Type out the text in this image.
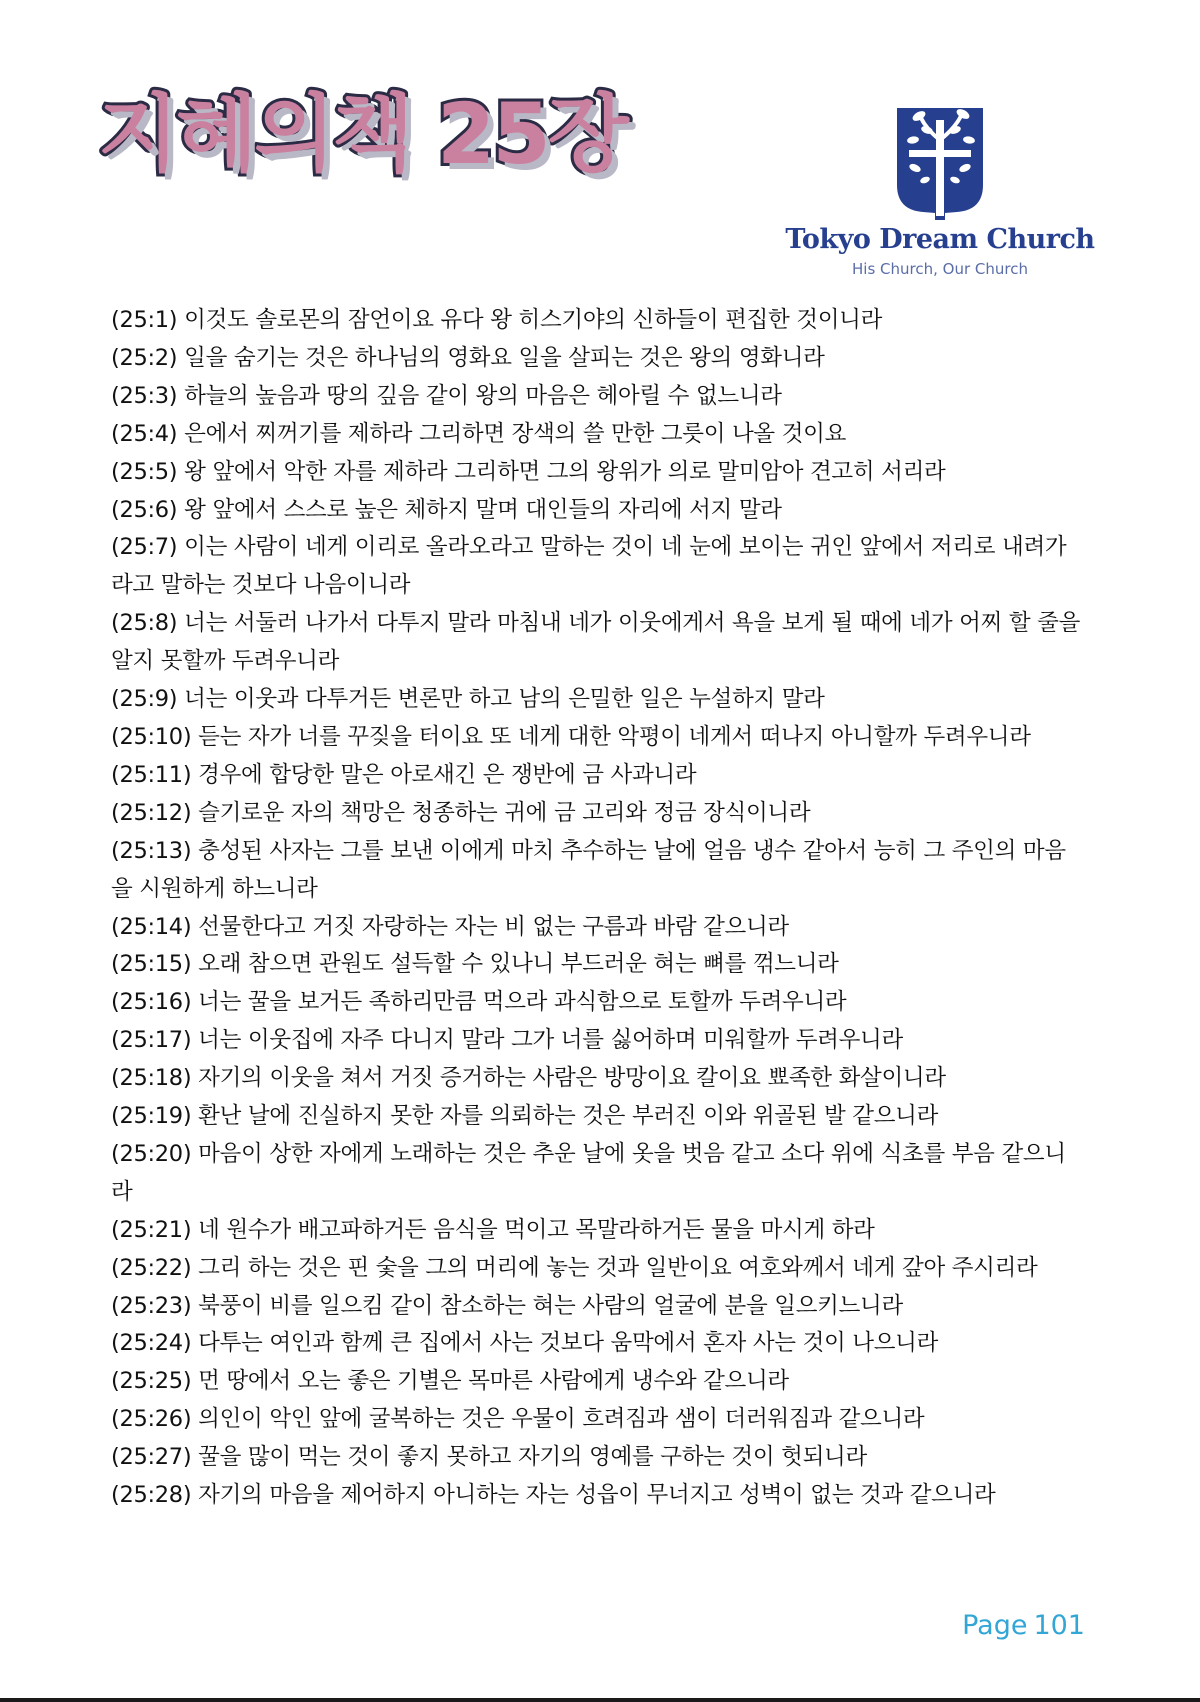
지혜의책 25장
Tokyo Dream Church
His Church, Our Church

(25:1) 이것도 솔로몬의 잠언이요 유다 왕 히스기야의 신하들이 편집한 것이니라

(25:2) 일을 숨기는 것은 하나님의 영화요 일을 살피는 것은 왕의 영화니라

(25:3) 하늘의 높음과 땅의 깊음 같이 왕의 마음은 헤아릴 수 없느니라

(25:4) 은에서 찌꺼기를 제하라 그리하면 장색의 쓸 만한 그릇이 나올 것이요

(25:5) 왕 앞에서 악한 자를 제하라 그리하면 그의 왕위가 의로 말미암아 견고히 서리라

(25:6) 왕 앞에서 스스로 높은 체하지 말며 대인들의 자리에 서지 말라

(25:7) 이는 사람이 네게 이리로 올라오라고 말하는 것이 네 눈에 보이는 귀인 앞에서 저리로 내려가라고 말하는 것보다 나음이니라

(25:8) 너는 서둘러 나가서 다투지 말라 마침내 네가 이웃에게서 욕을 보게 될 때에 네가 어찌 할 줄을 알지 못할까 두려우니라

(25:9) 너는 이웃과 다투거든 변론만 하고 남의 은밀한 일은 누설하지 말라

(25:10) 듣는 자가 너를 꾸짖을 터이요 또 네게 대한 악평이 네게서 떠나지 아니할까 두려우니라

(25:11) 경우에 합당한 말은 아로새긴 은 쟁반에 금 사과니라

(25:12) 슬기로운 자의 책망은 청종하는 귀에 금 고리와 정금 장식이니라

(25:13) 충성된 사자는 그를 보낸 이에게 마치 추수하는 날에 얼음 냉수 같아서 능히 그 주인의 마음을 시원하게 하느니라

(25:14) 선물한다고 거짓 자랑하는 자는 비 없는 구름과 바람 같으니라

(25:15) 오래 참으면 관원도 설득할 수 있나니 부드러운 혀는 뼈를 꺾느니라

(25:16) 너는 꿀을 보거든 족하리만큼 먹으라 과식함으로 토할까 두려우니라

(25:17) 너는 이웃집에 자주 다니지 말라 그가 너를 싫어하며 미워할까 두려우니라

(25:18) 자기의 이웃을 쳐서 거짓 증거하는 사람은 방망이요 칼이요 뾰족한 화살이니라

(25:19) 환난 날에 진실하지 못한 자를 의뢰하는 것은 부러진 이와 위골된 발 같으니라

(25:20) 마음이 상한 자에게 노래하는 것은 추운 날에 옷을 벗음 같고 소다 위에 식초를 부음 같으니라

(25:21) 네 원수가 배고파하거든 음식을 먹이고 목말라하거든 물을 마시게 하라

(25:22) 그리 하는 것은 핀 숯을 그의 머리에 놓는 것과 일반이요 여호와께서 네게 갚아 주시리라

(25:23) 북풍이 비를 일으킴 같이 참소하는 혀는 사람의 얼굴에 분을 일으키느니라

(25:24) 다투는 여인과 함께 큰 집에서 사는 것보다 움막에서 혼자 사는 것이 나으니라

(25:25) 먼 땅에서 오는 좋은 기별은 목마른 사람에게 냉수와 같으니라

(25:26) 의인이 악인 앞에 굴복하는 것은 우물이 흐려짐과 샘이 더러워짐과 같으니라

(25:27) 꿀을 많이 먹는 것이 좋지 못하고 자기의 영예를 구하는 것이 헛되니라

(25:28) 자기의 마음을 제어하지 아니하는 자는 성읍이 무너지고 성벽이 없는 것과 같으니라

Page 101
